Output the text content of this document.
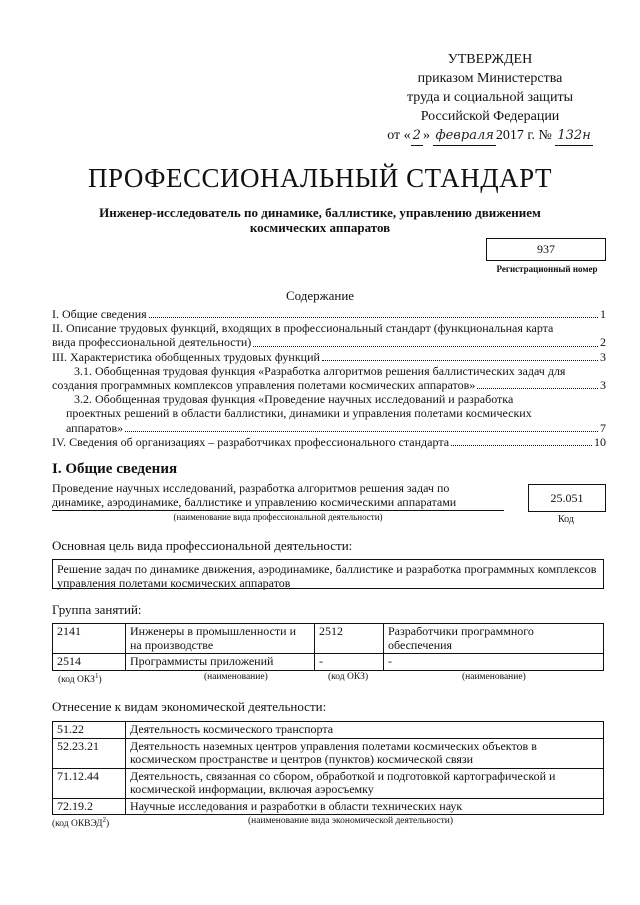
УТВЕРЖДЕН
приказом Министерства
труда и социальной защиты
Российской Федерации
от « 2 » февраля 2017 г. № 132н
ПРОФЕССИОНАЛЬНЫЙ СТАНДАРТ
Инженер-исследователь по динамике, баллистике, управлению движением космических аппаратов
937
Регистрационный номер
Содержание
I. Общие сведения	1
II. Описание трудовых функций, входящих в профессиональный стандарт (функциональная карта
вида профессиональной деятельности)	2
III. Характеристика обобщенных трудовых функций	3
3.1. Обобщенная трудовая функция «Разработка алгоритмов решения баллистических задач для
создания программных комплексов управления полетами космических аппаратов»	3
3.2. Обобщенная трудовая функция «Проведение научных исследований и разработка
проектных решений в области баллистики, динамики и управления полетами космических
аппаратов»	7
IV. Сведения об организациях – разработчиках профессионального стандарта	10
I. Общие сведения
Проведение научных исследований, разработка алгоритмов решения задач по динамике, аэродинамике, баллистике и управлению космическими аппаратами
(наименование вида профессиональной деятельности)
25.051
Код
Основная цель вида профессиональной деятельности:
Решение задач по динамике движения, аэродинамике, баллистике и разработка программных комплексов управления полетами космических аппаратов
Группа занятий:
2141	Инженеры в промышленности и на производстве	2512	Разработчики программного обеспечения
2514	Программисты приложений	-	-
(код ОКЗ$^1$)	(наименование)	(код ОКЗ)	(наименование)
Отнесение к видам экономической деятельности:
51.22	Деятельность космического транспорта
52.23.21	Деятельность наземных центров управления полетами космических объектов в космическом пространстве и центров (пунктов) космической связи
71.12.44	Деятельность, связанная со сбором, обработкой и подготовкой картографической и космической информации, включая аэросъемку
72.19.2	Научные исследования и разработки в области технических наук
(код ОКВЭД$^2$)	(наименование вида экономической деятельности)
